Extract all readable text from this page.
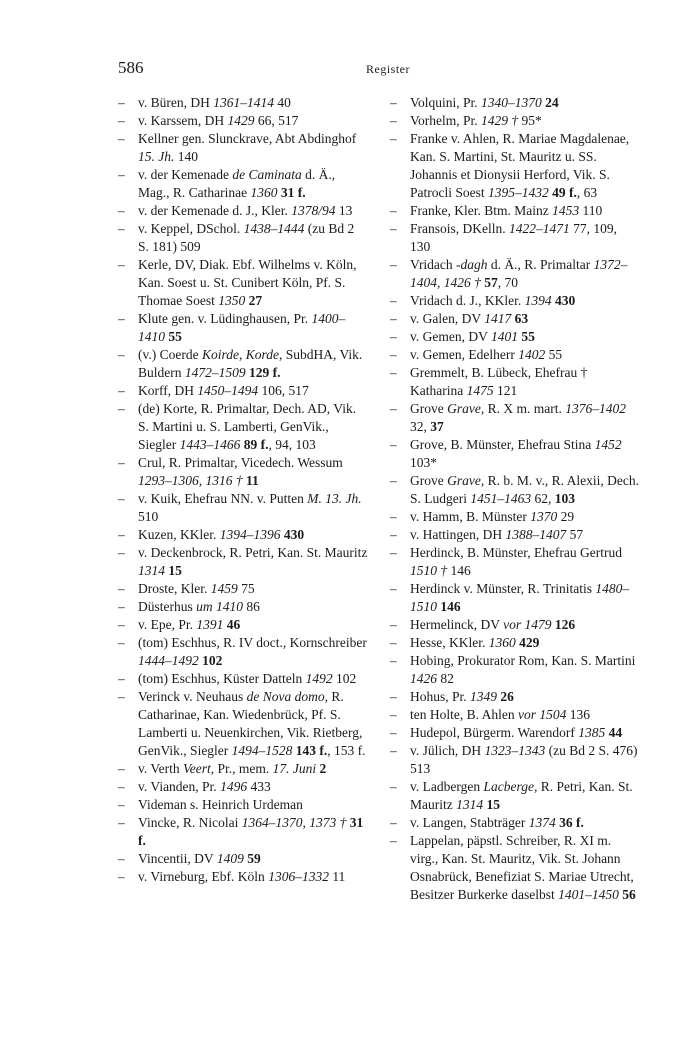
586	Register

– v. Büren, DH 1361–1414 40

– v. Karssem, DH 1429 66, 517

– Kellner gen. Slunckrave, Abt Abdinghof 15. Jh. 140

– v. der Kemenade de Caminata d. Ä., Mag., R. Catharinae 1360 31 f.

– v. der Kemenade d. J., Kler. 1378/94 13

– v. Keppel, DSchol. 1438–1444 (zu Bd 2 S. 181) 509

– Kerle, DV, Diak. Ebf. Wilhelms v. Köln, Kan. Soest u. St. Cunibert Köln, Pf. S. Thomae Soest 1350 27

– Klute gen. v. Lüdinghausen, Pr. 1400–1410 55

– (v.) Coerde Koirde, Korde, SubdHA, Vik. Buldern 1472–1509 129 f.

– Korff, DH 1450–1494 106, 517

– (de) Korte, R. Primaltar, Dech. AD, Vik. S. Martini u. S. Lamberti, GenVik., Siegler 1443–1466 89 f., 94, 103

– Crul, R. Primaltar, Vicedech. Wessum 1293–1306, 1316 † 11

– v. Kuik, Ehefrau NN. v. Putten M. 13. Jh. 510

– Kuzen, KKler. 1394–1396 430

– v. Deckenbrock, R. Petri, Kan. St. Mauritz 1314 15

– Droste, Kler. 1459 75

– Düsterhus um 1410 86

– v. Epe, Pr. 1391 46

– (tom) Eschhus, R. IV doct., Kornschreiber 1444–1492 102

– (tom) Eschhus, Küster Datteln 1492 102

– Verinck v. Neuhaus de Nova domo, R. Catharinae, Kan. Wiedenbrück, Pf. S. Lamberti u. Neuenkirchen, Vik. Rietberg, GenVik., Siegler 1494–1528 143 f., 153 f.

– v. Verth Veert, Pr., mem. 17. Juni 2

– v. Vianden, Pr. 1496 433

– Videman s. Heinrich Urdeman

– Vincke, R. Nicolai 1364–1370, 1373 † 31 f.

– Vincentii, DV 1409 59

– v. Virneburg, Ebf. Köln 1306–1332 11

– Volquini, Pr. 1340–1370 24

– Vorhelm, Pr. 1429 † 95*

– Franke v. Ahlen, R. Mariae Magdalenae, Kan. S. Martini, St. Mauritz u. SS. Johannis et Dionysii Herford, Vik. S. Patrocli Soest 1395–1432 49 f., 63

– Franke, Kler. Btm. Mainz 1453 110

– Fransois, DKelln. 1422–1471 77, 109, 130

– Vridach -dagh d. Ä., R. Primaltar 1372–1404, 1426 † 57, 70

– Vridach d. J., KKler. 1394 430

– v. Galen, DV 1417 63

– v. Gemen, DV 1401 55

– v. Gemen, Edelherr 1402 55

– Gremmelt, B. Lübeck, Ehefrau † Katharina 1475 121

– Grove Grave, R. X m. mart. 1376–1402 32, 37

– Grove, B. Münster, Ehefrau Stina 1452 103*

– Grove Grave, R. b. M. v., R. Alexii, Dech. S. Ludgeri 1451–1463 62, 103

– v. Hamm, B. Münster 1370 29

– v. Hattingen, DH 1388–1407 57

– Herdinck, B. Münster, Ehefrau Gertrud 1510 † 146

– Herdinck v. Münster, R. Trinitatis 1480–1510 146

– Hermelinck, DV vor 1479 126

– Hesse, KKler. 1360 429

– Hobing, Prokurator Rom, Kan. S. Martini 1426 82

– Hohus, Pr. 1349 26

– ten Holte, B. Ahlen vor 1504 136

– Hudepol, Bürgerm. Warendorf 1385 44

– v. Jülich, DH 1323–1343 (zu Bd 2 S. 476) 513

– v. Ladbergen Lacberge, R. Petri, Kan. St. Mauritz 1314 15

– v. Langen, Stabträger 1374 36 f.

– Lappelan, päpstl. Schreiber, R. XI m. virg., Kan. St. Mauritz, Vik. St. Johann Osnabrück, Benefiziat S. Mariae Utrecht, Besitzer Burkerke daselbst 1401–1450 56
